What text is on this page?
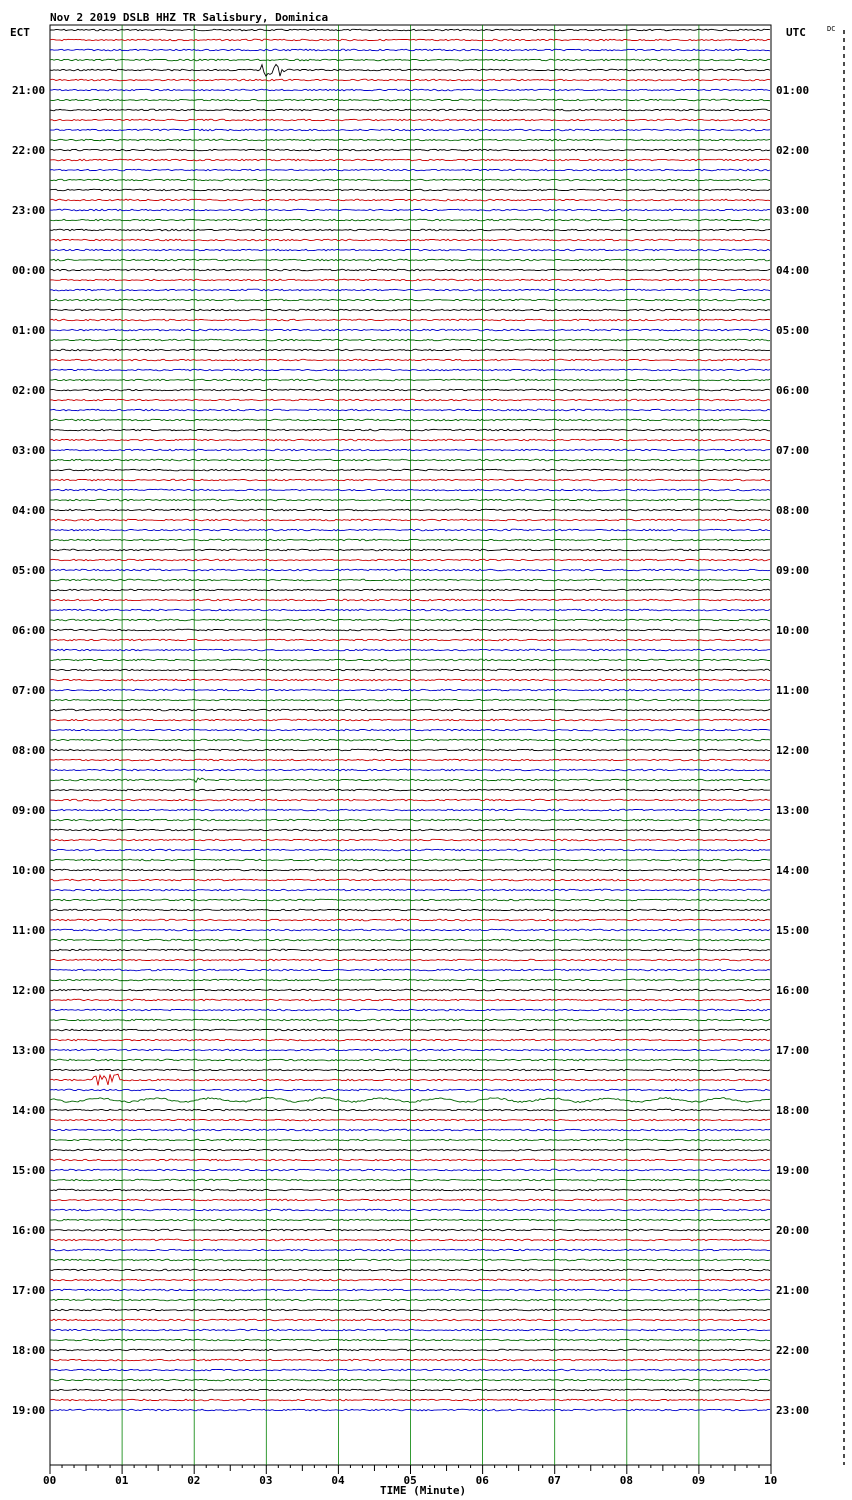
Nov 2 2019 DSLB HHZ TR Salisbury, Dominica
ECT	UTC	DC
21:00
22:00
23:00
00:00
01:00
02:00
03:00
04:00
05:00
06:00
07:00
08:00
09:00
10:00
11:00
12:00
13:00
14:00
15:00
16:00
17:00
18:00
19:00
01:00
02:00
03:00
04:00
05:00
06:00
07:00
08:00
09:00
10:00
11:00
12:00
13:00
14:00
15:00
16:00
17:00
18:00
19:00
20:00
21:00
22:00
23:00
00	01	02	03	04	05	06	07	08	09	10
TIME (Minute)
